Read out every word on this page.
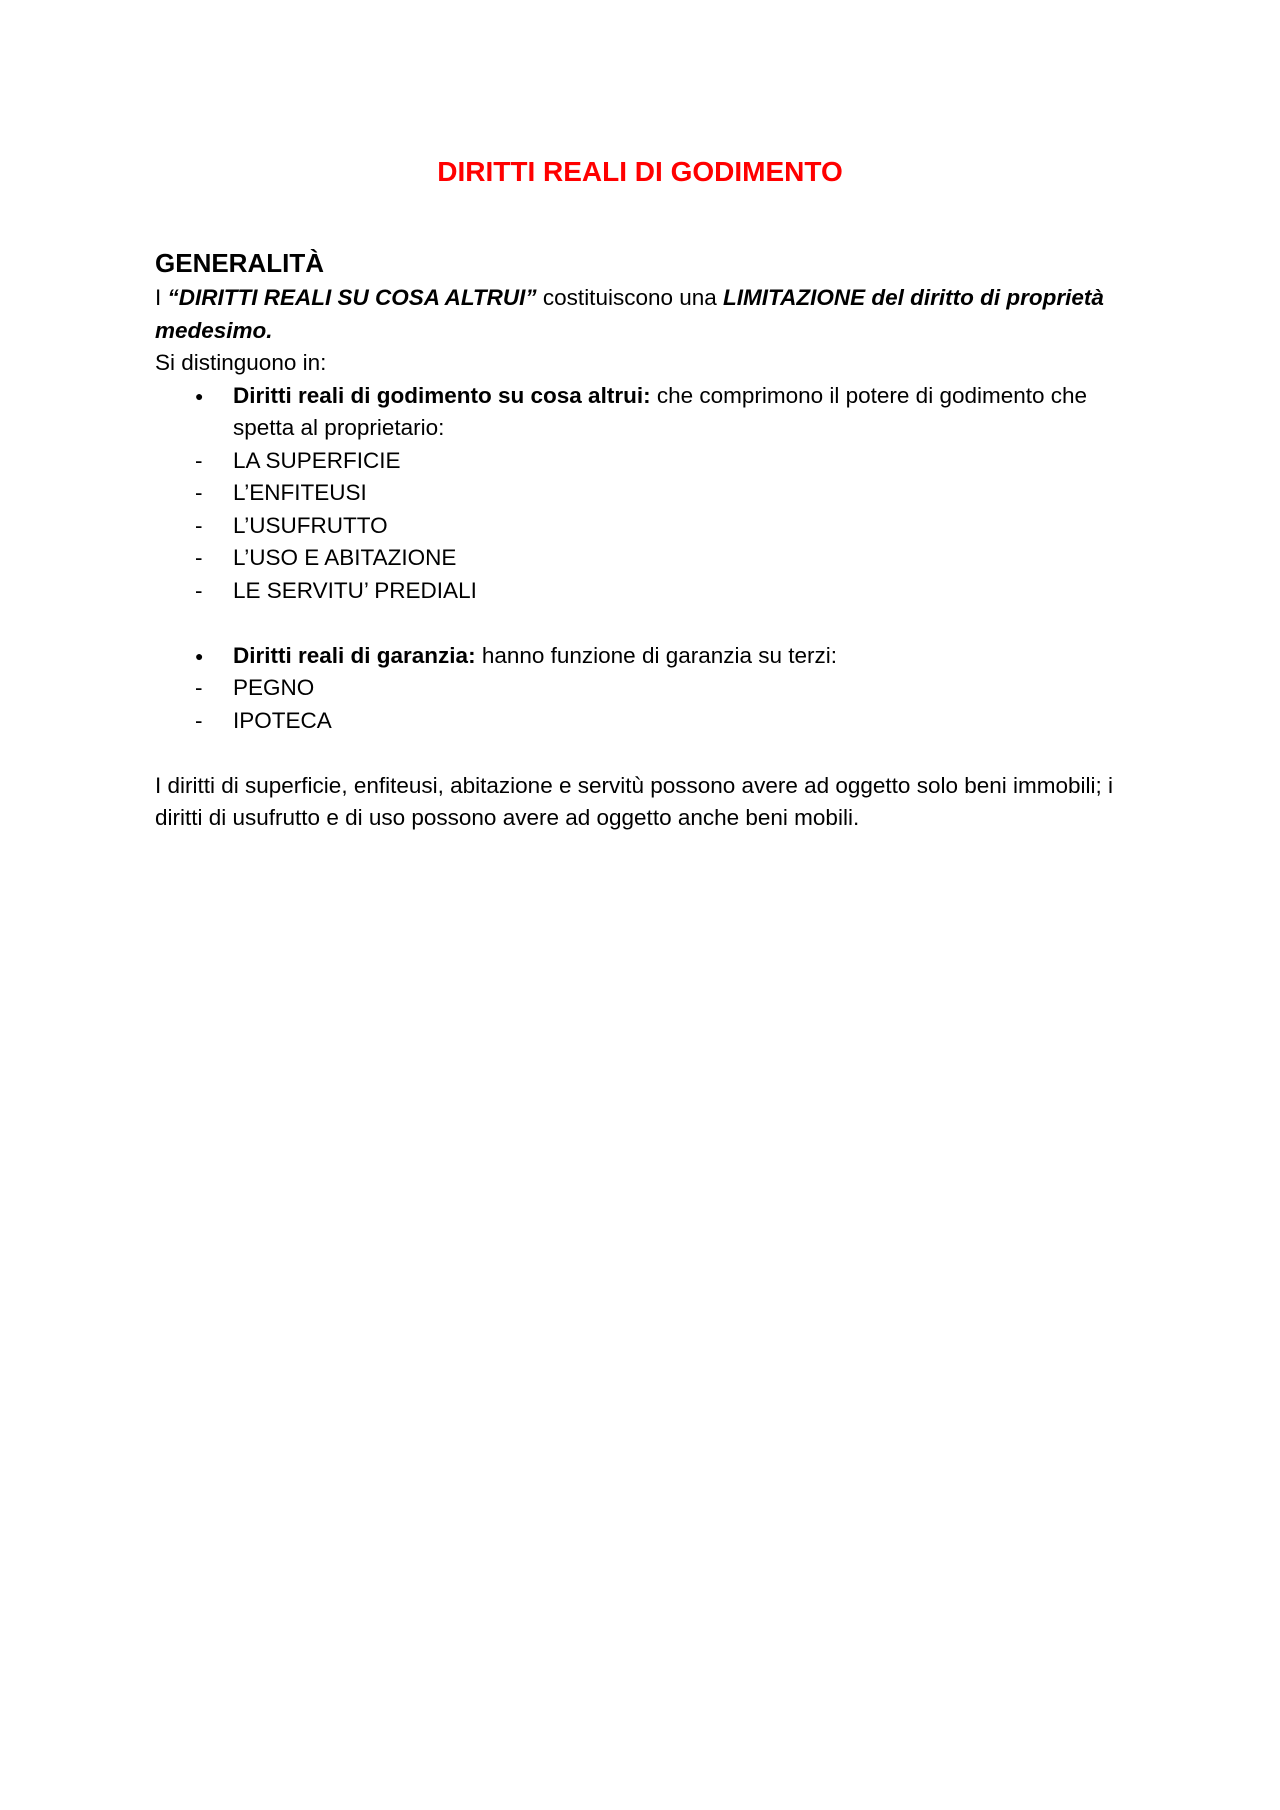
DIRITTI REALI DI GODIMENTO
GENERALITÀ

I “DIRITTI REALI SU COSA ALTRUI” costituiscono una LIMITAZIONE del diritto di proprietà medesimo.

Si distinguono in:

● Diritti reali di godimento su cosa altrui: che comprimono il potere di godimento che spetta al proprietario:
- LA SUPERFICIE
- L’ENFITEUSI
- L’USUFRUTTO
- L’USO E ABITAZIONE
- LE SERVITU’ PREDIALI
● Diritti reali di garanzia: hanno funzione di garanzia su terzi:
- PEGNO
- IPOTECA

I diritti di superficie, enfiteusi, abitazione e servitù possono avere ad oggetto solo beni immobili; i diritti di usufrutto e di uso possono avere ad oggetto anche beni mobili.
